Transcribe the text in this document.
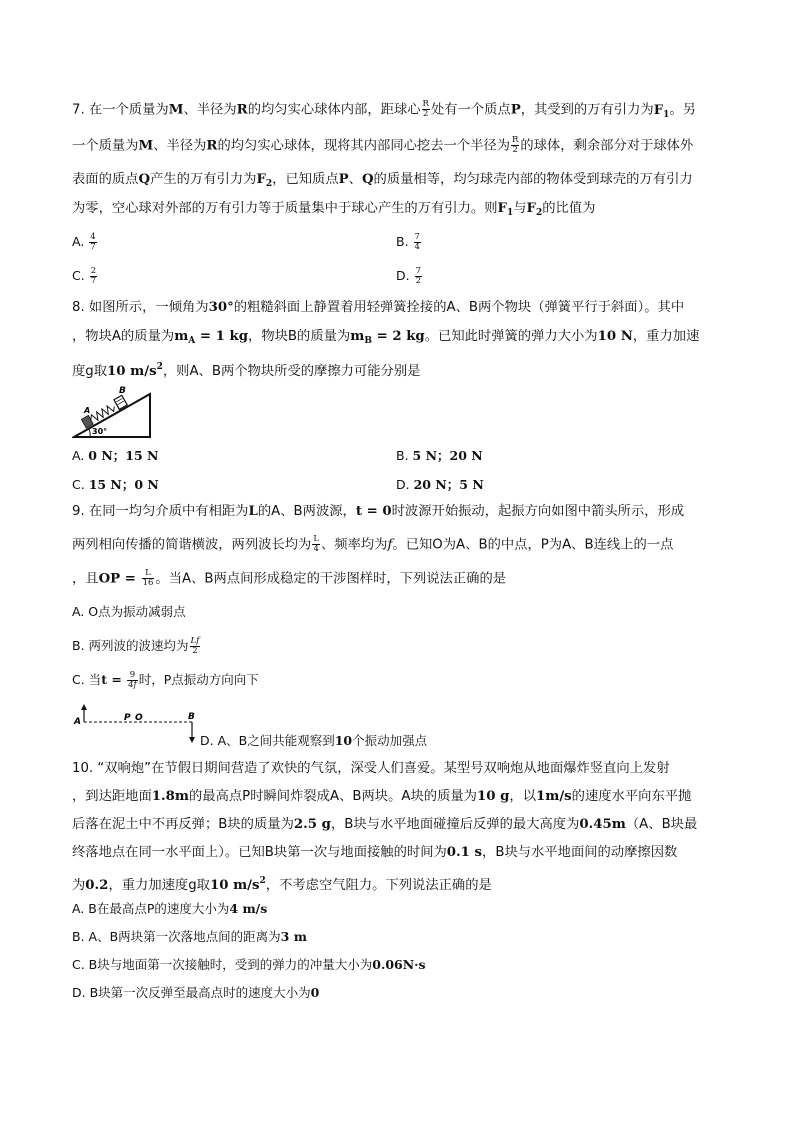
7. 在一个质量为M、半径为R的均匀实心球体内部，距球心 $\frac{R}{2}$ 处有一个质点P，其受到的万有引力为$F_1$。另
一个质量为M、半径为R的均匀实心球体，现将其内部同心挖去一个半径为 $\frac{R}{2}$ 的球体，剩余部分对于球体外
表面的质点Q产生的万有引力为$F_2$，已知质点P、Q的质量相等，均匀球壳内部的物体受到球壳的万有引力
为零，空心球对外部的万有引力等于质量集中于球心产生的万有引力。则$F_1$与$F_2$的比值为
A. $\frac{4}{7}$	B. $\frac{7}{4}$
C. $\frac{2}{7}$	D. $\frac{7}{2}$
8. 如图所示，一倾角为30°的粗糙斜面上静置着用轻弹簧拴接的A、B两个物块（弹簧平行于斜面）。其中
，物块A的质量为$m_A = 1$ kg，物块B的质量为$m_B = 2$ kg。已知此时弹簧的弹力大小为10 N，重力加速
度g取10 $m/s^2$，则A、B两个物块所受的摩擦力可能分别是
A
B
30°
A. 0 N；15 N	B. 5 N；20 N
C. 15 N；0 N	D. 20 N；5 N
9. 在同一均匀介质中有相距为L的A、B两波源，t = 0时波源开始振动，起振方向如图中箭头所示，形成
两列相向传播的简谐横波，两列波长均为 $\frac{L}{4}$ 、频率均为f。已知O为A、B的中点，P为A、B连线上的一点
，且OP = $\frac{L}{16}$ 。当A、B两点间形成稳定的干涉图样时，下列说法正确的是
A. O点为振动减弱点
B. 两列波的波速均为 $\frac{Lf}{2}$
C. 当$t = \frac{9}{4f}$ 时，P点振动方向向下
A	P O	B
D. A、B之间共能观察到10个振动加强点
10. “双响炮”在节假日期间营造了欢快的气氛，深受人们喜爱。某型号双响炮从地面爆炸竖直向上发射
，到达距地面1.8m的最高点P时瞬间炸裂成A、B两块。A块的质量为10 g，以1m/s的速度水平向东平抛
后落在泥土中不再反弹；B块的质量为2.5 g，B块与水平地面碰撞后反弹的最大高度为0.45m（A、B块最
终落地点在同一水平面上）。已知B块第一次与地面接触的时间为0.1 s，B块与水平地面间的动摩擦因数
为0.2，重力加速度g取10 $m/s^2$，不考虑空气阻力。下列说法正确的是
A. B在最高点P的速度大小为4 m/s
B. A、B两块第一次落地点间的距离为3 m
C. B块与地面第一次接触时，受到的弹力的冲量大小为0.06N·s
D. B块第一次反弹至最高点时的速度大小为0
